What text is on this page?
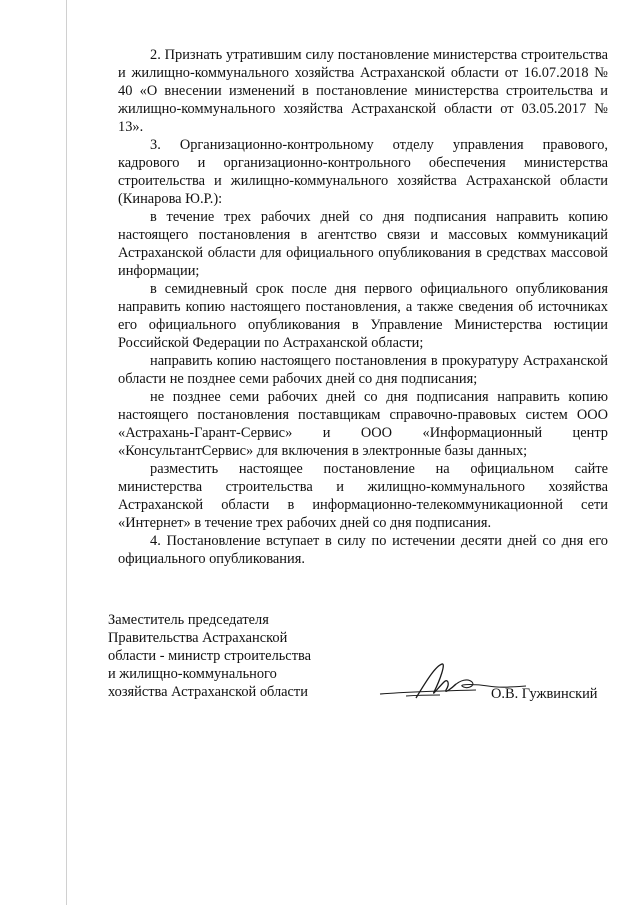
2. Признать утратившим силу постановление министерства строительства и жилищно-коммунального хозяйства Астраханской области от 16.07.2018 № 40 «О внесении изменений в постановление министерства строительства и жилищно-коммунального хозяйства Астраханской области от 03.05.2017 № 13».

3. Организационно-контрольному отделу управления правового, кадрового и организационно-контрольного обеспечения министерства строительства и жилищно-коммунального хозяйства Астраханской области (Кинарова Ю.Р.):

в течение трех рабочих дней со дня подписания направить копию настоящего постановления в агентство связи и массовых коммуникаций Астраханской области для официального опубликования в средствах массовой информации;

в семидневный срок после дня первого официального опубликования направить копию настоящего постановления, а также сведения об источниках его официального опубликования в Управление Министерства юстиции Российской Федерации по Астраханской области;

направить копию настоящего постановления в прокуратуру Астраханской области не позднее семи рабочих дней со дня подписания;

не позднее семи рабочих дней со дня подписания направить копию настоящего постановления поставщикам справочно-правовых систем ООО «Астрахань-Гарант-Сервис» и ООО «Информационный центр «КонсультантСервис» для включения в электронные базы данных;

разместить настоящее постановление на официальном сайте министерства строительства и жилищно-коммунального хозяйства Астраханской области в информационно-телекоммуникационной сети «Интернет» в течение трех рабочих дней со дня подписания.

4. Постановление вступает в силу по истечении десяти дней со дня его официального опубликования.

Заместитель председателя
Правительства Астраханской
области - министр строительства
и жилищно-коммунального
хозяйства Астраханской области	О.В. Гужвинский
